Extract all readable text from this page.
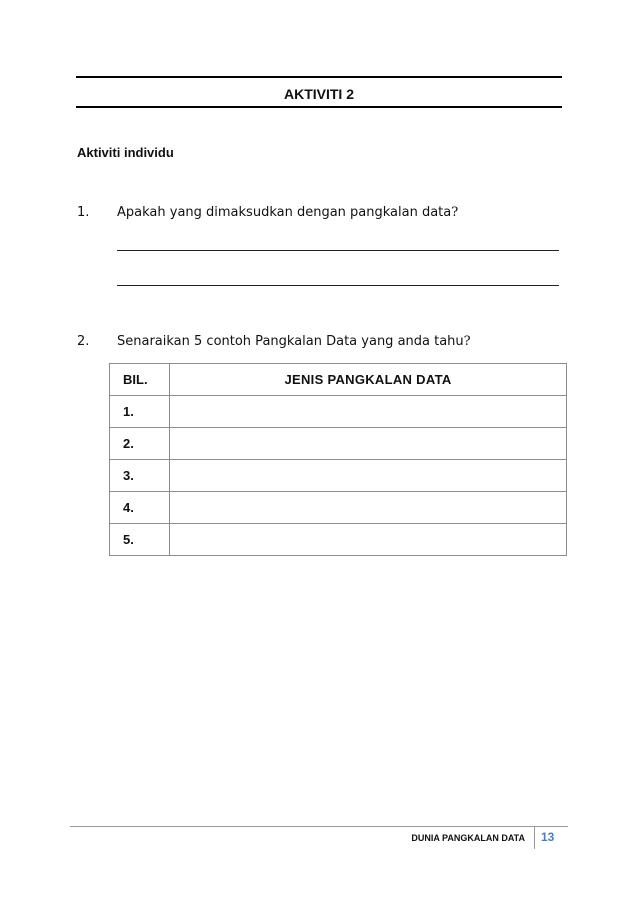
AKTIVITI 2
Aktiviti individu
1. Apakah yang dimaksudkan dengan pangkalan data?
2. Senaraikan 5 contoh Pangkalan Data yang anda tahu?
BIL.	JENIS PANGKALAN DATA
1.	
2.	
3.	
4.	
5.	
DUNIA PANGKALAN DATA 13
